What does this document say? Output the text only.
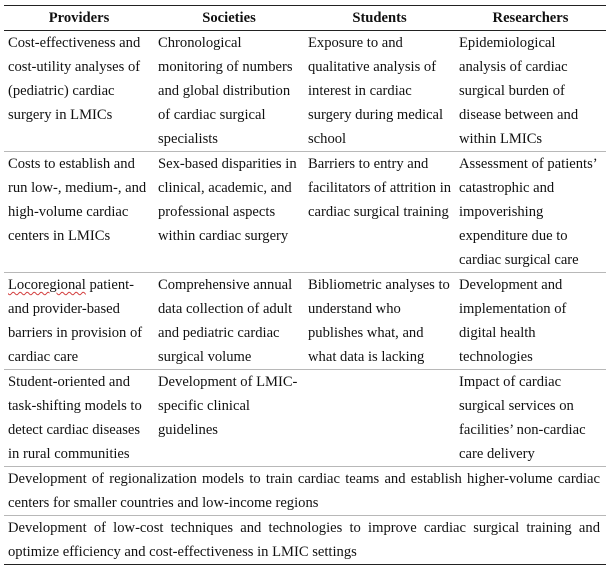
Providers	Societies	Students	Researchers
Cost-effectiveness and cost-utility analyses of (pediatric) cardiac surgery in LMICs	Chronological monitoring of numbers and global distribution of cardiac surgical specialists	Exposure to and qualitative analysis of interest in cardiac surgery during medical school	Epidemiological analysis of cardiac surgical burden of disease between and within LMICs
Costs to establish and run low-, medium-, and high-volume cardiac centers in LMICs	Sex-based disparities in clinical, academic, and professional aspects within cardiac surgery	Barriers to entry and facilitators of attrition in cardiac surgical training	Assessment of patients’ catastrophic and impoverishing expenditure due to cardiac surgical care
Locoregional patient- and provider-based barriers in provision of cardiac care	Comprehensive annual data collection of adult and pediatric cardiac surgical volume	Bibliometric analyses to understand who publishes what, and what data is lacking	Development and implementation of digital health technologies
Student-oriented and task-shifting models to detect cardiac diseases in rural communities	Development of LMIC-specific clinical guidelines		Impact of cardiac surgical services on facilities’ non-cardiac care delivery
Development of regionalization models to train cardiac teams and establish higher-volume cardiac centers for smaller countries and low-income regions			
Development of low-cost techniques and technologies to improve cardiac surgical training and optimize efficiency and cost-effectiveness in LMIC settings			
